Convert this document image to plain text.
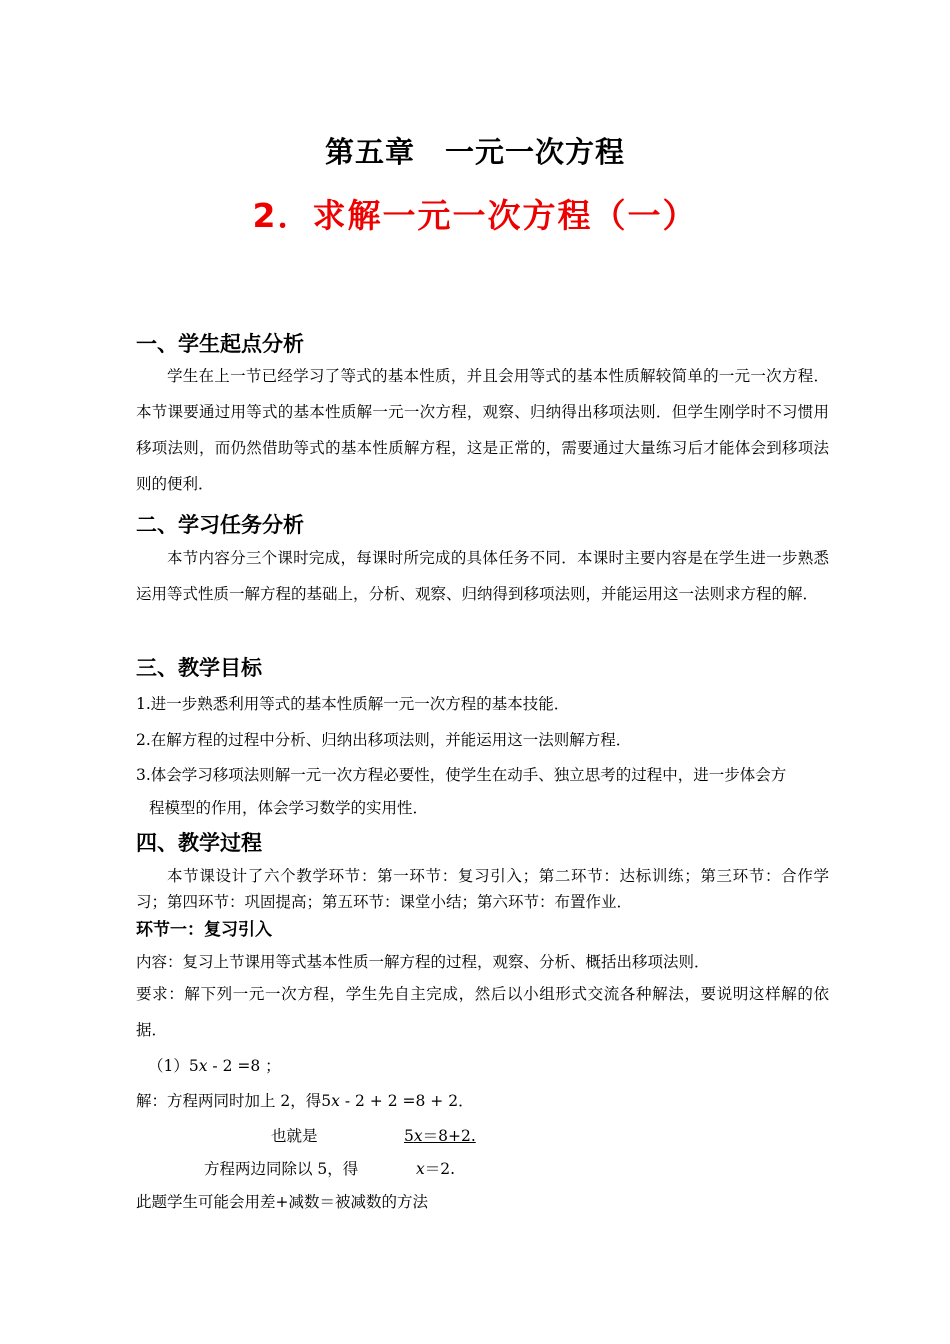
第五章 一元一次方程
2．求解一元一次方程（一）
一、学生起点分析
学生在上一节已经学习了等式的基本性质，并且会用等式的基本性质解较简单的一元一次方程．本节课要通过用等式的基本性质解一元一次方程，观察、归纳得出移项法则．但学生刚学时不习惯用移项法则，而仍然借助等式的基本性质解方程，这是正常的，需要通过大量练习后才能体会到移项法则的便利．
二、学习任务分析
本节内容分三个课时完成，每课时所完成的具体任务不同．本课时主要内容是在学生进一步熟悉运用等式性质一解方程的基础上，分析、观察、归纳得到移项法则，并能运用这一法则求方程的解．
三、教学目标
1.进一步熟悉利用等式的基本性质解一元一次方程的基本技能．
2.在解方程的过程中分析、归纳出移项法则，并能运用这一法则解方程．
3.体会学习移项法则解一元一次方程必要性，使学生在动手、独立思考的过程中，进一步体会方
程模型的作用，体会学习数学的实用性．
四、教学过程
本节课设计了六个教学环节：第一环节：复习引入；第二环节：达标训练；第三环节：合作学习；第四环节：巩固提高；第五环节：课堂小结；第六环节：布置作业．
环节一：复习引入
内容：复习上节课用等式基本性质一解方程的过程，观察、分析、概括出移项法则．
要求：解下列一元一次方程，学生先自主完成，然后以小组形式交流各种解法，要说明这样解的依据．
（1）5x - 2 =8 ；
解：方程两同时加上 2，得5x - 2 + 2 =8 + 2．
也就是	5x＝8+2.
方程两边同除以 5，得	x＝2.
此题学生可能会用差+减数＝被减数的方法
